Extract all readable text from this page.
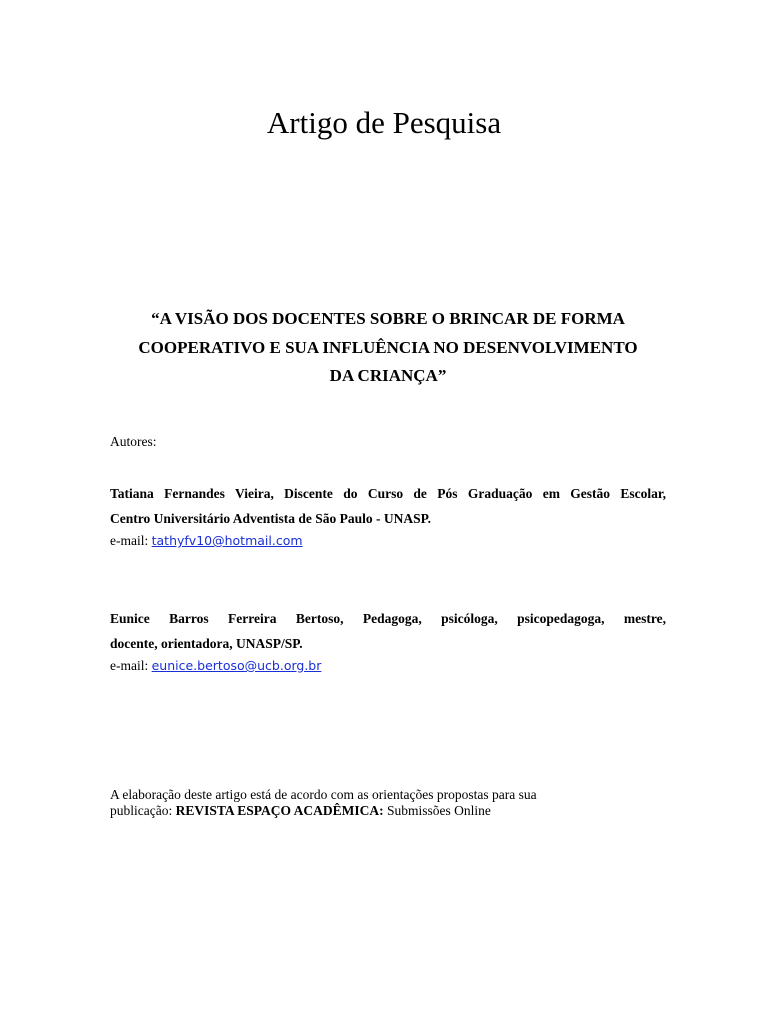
Artigo de Pesquisa
“A VISÃO DOS DOCENTES SOBRE O BRINCAR DE FORMA
COOPERATIVO E SUA INFLUÊNCIA NO DESENVOLVIMENTO
DA CRIANÇA”
Autores:
Tatiana Fernandes Vieira, Discente do Curso de Pós Graduação em Gestão Escolar,
Centro Universitário Adventista de São Paulo - UNASP.
e-mail: tathyfv10@hotmail.com
Eunice Barros Ferreira Bertoso, Pedagoga, psicóloga, psicopedagoga, mestre,
docente, orientadora, UNASP/SP.
e-mail: eunice.bertoso@ucb.org.br
A elaboração deste artigo está de acordo com as orientações propostas para sua
publicação: REVISTA ESPAÇO ACADÊMICA: Submissões Online
